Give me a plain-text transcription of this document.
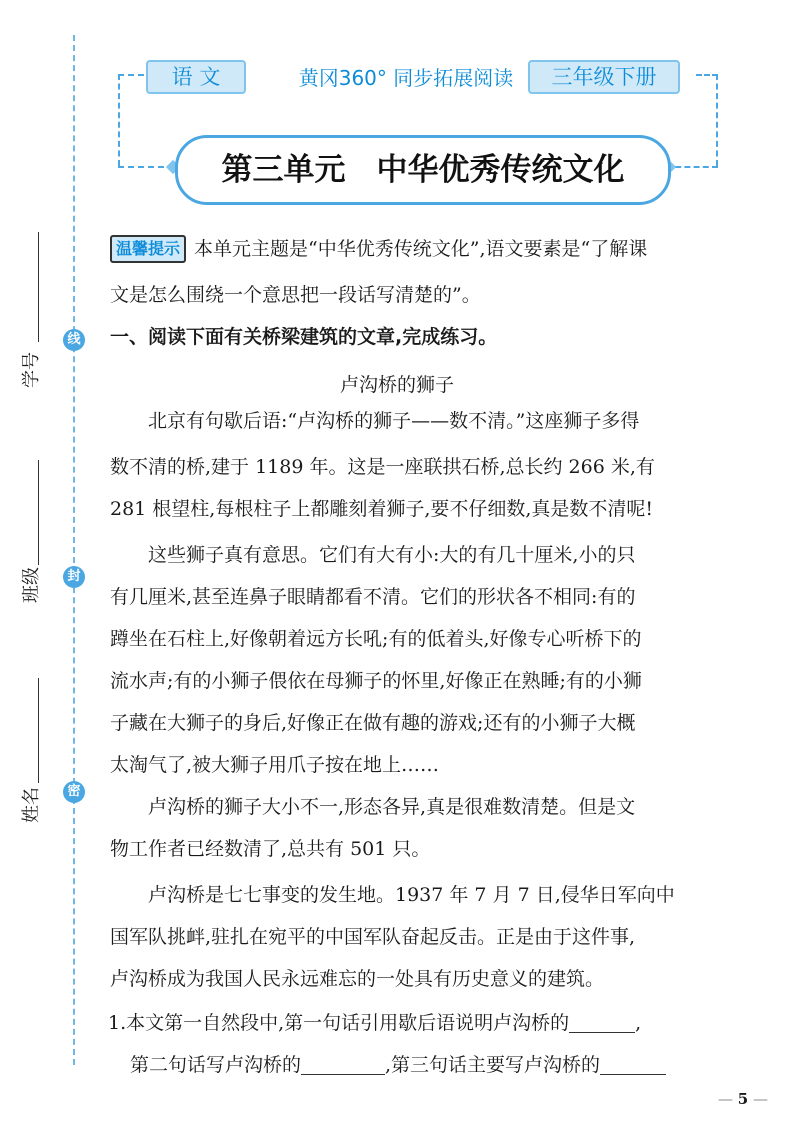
线
封
密
学号
班级
姓名
语 文	黄冈360° 同步拓展阅读	三年级下册
第三单元　中华优秀传统文化
温馨提示 本单元主题是“中华优秀传统文化”,语文要素是“了解课
文是怎么围绕一个意思把一段话写清楚的”。
一、阅读下面有关桥梁建筑的文章,完成练习。
卢沟桥的狮子
　　北京有句歇后语:“卢沟桥的狮子——数不清。”这座狮子多得
数不清的桥,建于 1189 年。这是一座联拱石桥,总长约 266 米,有
281 根望柱,每根柱子上都雕刻着狮子,要不仔细数,真是数不清呢!
　　这些狮子真有意思。它们有大有小:大的有几十厘米,小的只
有几厘米,甚至连鼻子眼睛都看不清。它们的形状各不相同:有的
蹲坐在石柱上,好像朝着远方长吼;有的低着头,好像专心听桥下的
流水声;有的小狮子偎依在母狮子的怀里,好像正在熟睡;有的小狮
子藏在大狮子的身后,好像正在做有趣的游戏;还有的小狮子大概
太淘气了,被大狮子用爪子按在地上……
　　卢沟桥的狮子大小不一,形态各异,真是很难数清楚。但是文
物工作者已经数清了,总共有 501 只。
　　卢沟桥是七七事变的发生地。1937 年 7 月 7 日,侵华日军向中
国军队挑衅,驻扎在宛平的中国军队奋起反击。正是由于这件事,
卢沟桥成为我国人民永远难忘的一处具有历史意义的建筑。
1.本文第一自然段中,第一句话引用歇后语说明卢沟桥的	,
第二句话写卢沟桥的	,第三句话主要写卢沟桥的
— 5 —
